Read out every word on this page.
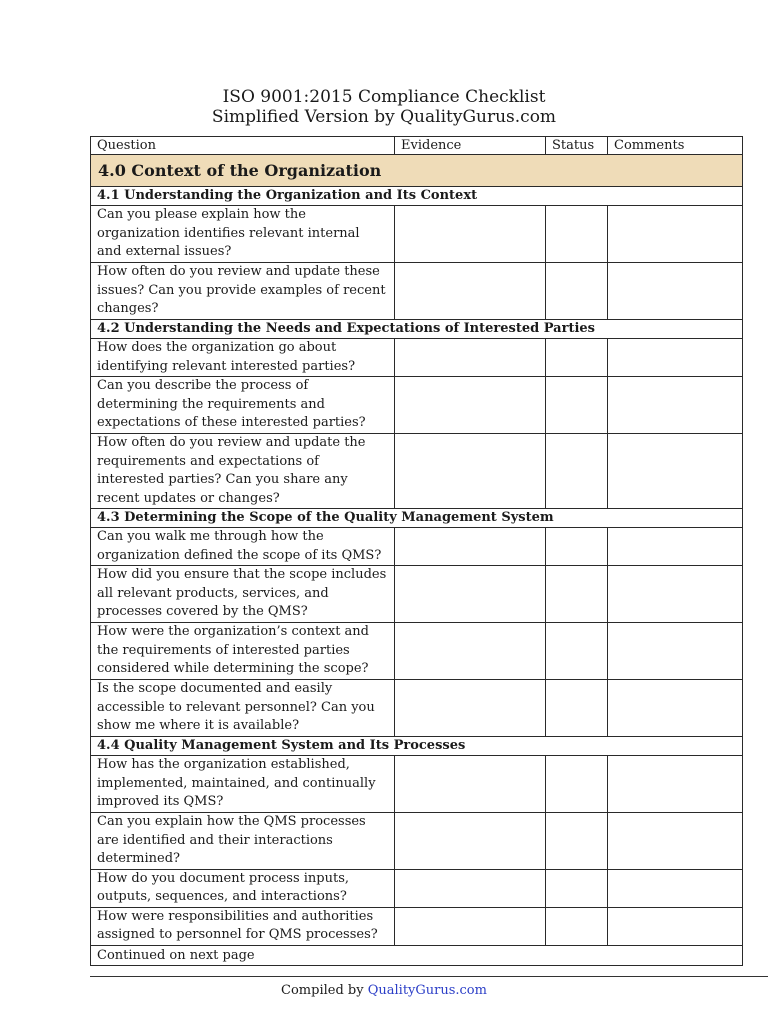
ISO 9001:2015 Compliance Checklist
Simplified Version by QualityGurus.com
Question	Evidence	Status	Comments
4.0 Context of the Organization			
4.1 Understanding the Organization and Its Context			
Can you please explain how the organization identifies relevant internal and external issues?			
How often do you review and update these issues? Can you provide examples of recent changes?			
4.2 Understanding the Needs and Expectations of Interested Parties			
How does the organization go about identifying relevant interested parties?			
Can you describe the process of determining the requirements and expectations of these interested parties?			
How often do you review and update the requirements and expectations of interested parties? Can you share any recent updates or changes?			
4.3 Determining the Scope of the Quality Management System			
Can you walk me through how the organization defined the scope of its QMS?			
How did you ensure that the scope includes all relevant products, services, and processes covered by the QMS?			
How were the organization’s context and the requirements of interested parties considered while determining the scope?			
Is the scope documented and easily accessible to relevant personnel? Can you show me where it is available?			
4.4 Quality Management System and Its Processes			
How has the organization established, implemented, maintained, and continually improved its QMS?			
Can you explain how the QMS processes are identified and their interactions determined?			
How do you document process inputs, outputs, sequences, and interactions?			
How were responsibilities and authorities assigned to personnel for QMS processes?			
Continued on next page			
Compiled by QualityGurus.com
